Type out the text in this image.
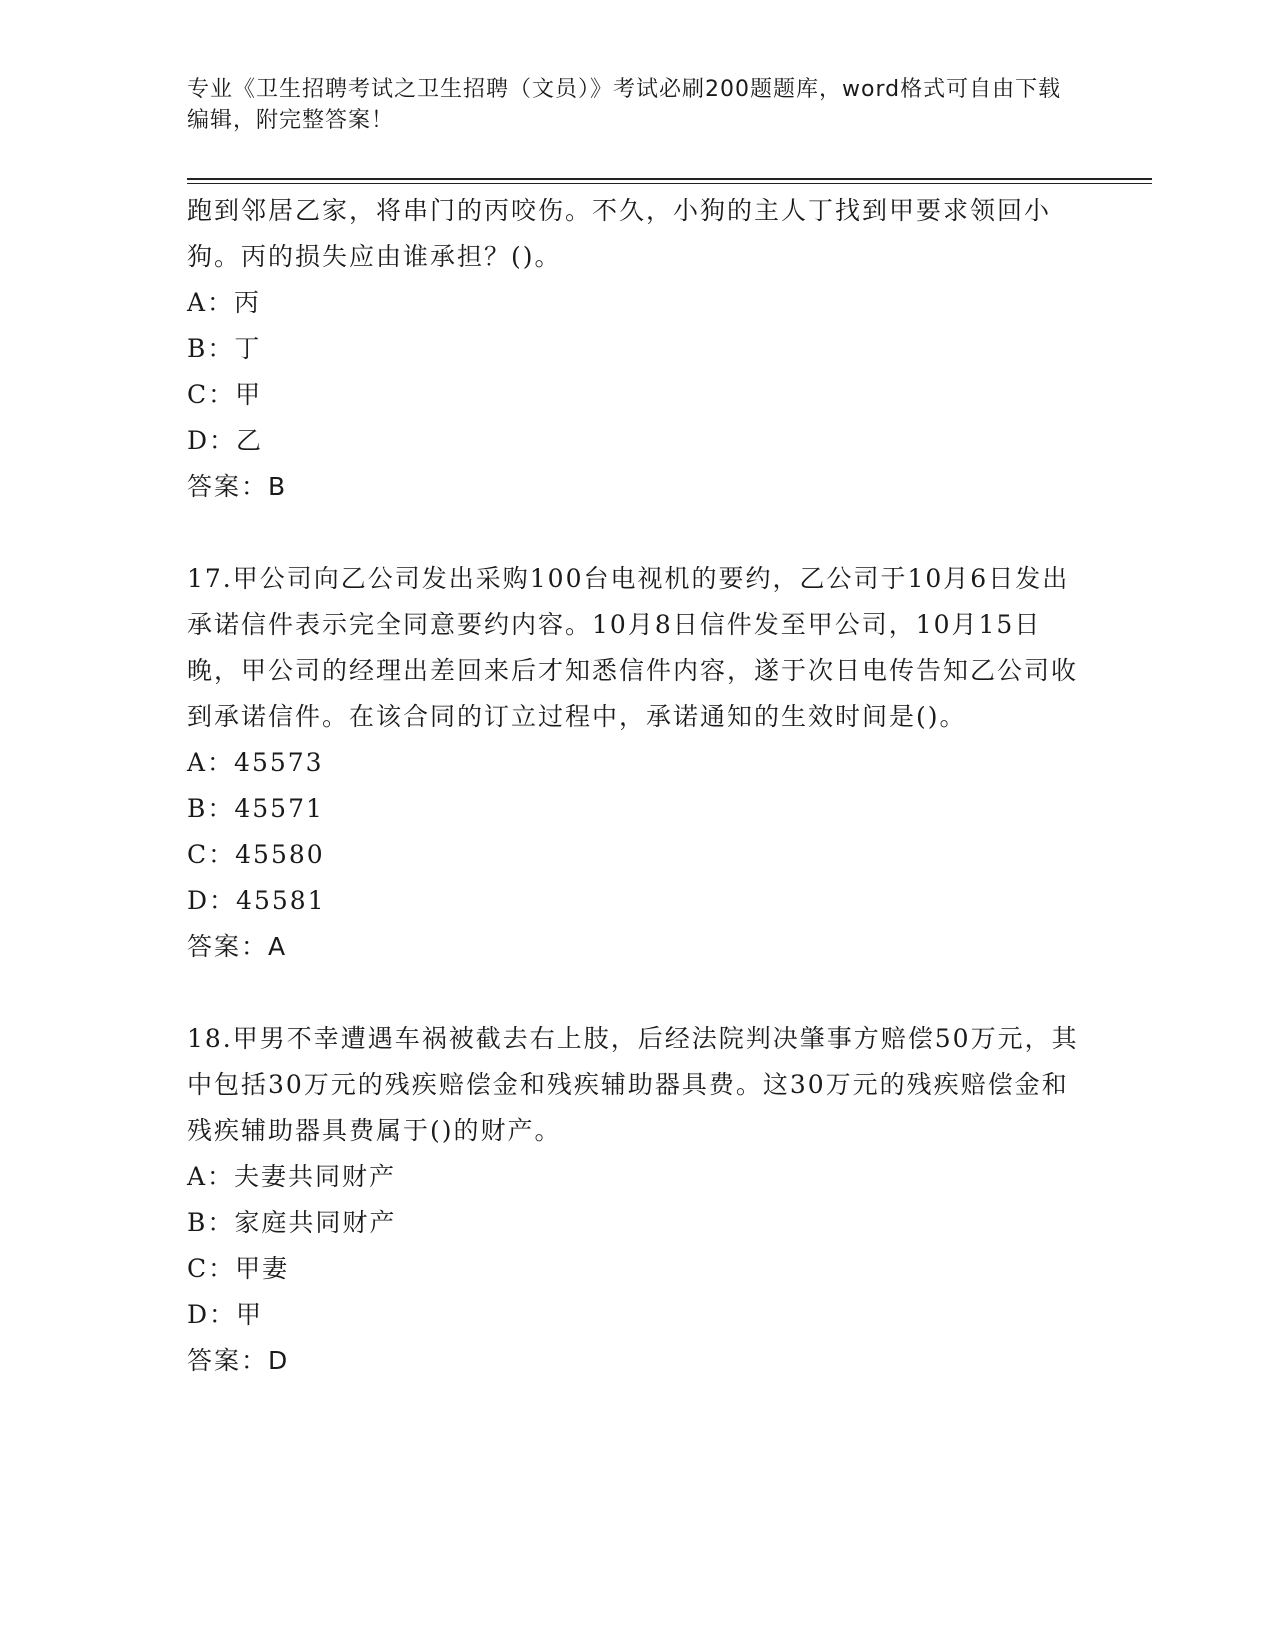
专业《卫生招聘考试之卫生招聘（文员）》考试必刷200题题库，word格式可自由下载编辑，附完整答案！

跑到邻居乙家，将串门的丙咬伤。不久，小狗的主人丁找到甲要求领回小狗。丙的损失应由谁承担？()。

A：丙

B：丁

C：甲

D：乙

答案：B

17.甲公司向乙公司发出采购100台电视机的要约，乙公司于10月6日发出承诺信件表示完全同意要约内容。10月8日信件发至甲公司，10月15日晚，甲公司的经理出差回来后才知悉信件内容，遂于次日电传告知乙公司收到承诺信件。在该合同的订立过程中，承诺通知的生效时间是()。

A：45573

B：45571

C：45580

D：45581

答案：A

18.甲男不幸遭遇车祸被截去右上肢，后经法院判决肇事方赔偿50万元，其中包括30万元的残疾赔偿金和残疾辅助器具费。这30万元的残疾赔偿金和残疾辅助器具费属于()的财产。

A：夫妻共同财产

B：家庭共同财产

C：甲妻

D：甲

答案：D
